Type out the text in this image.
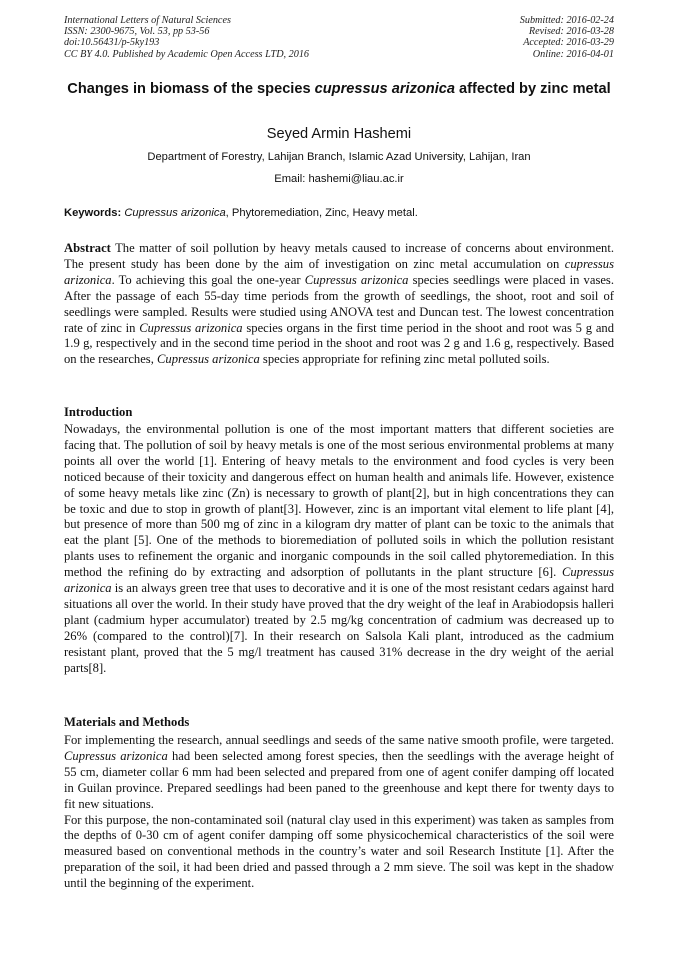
International Letters of Natural Sciences
ISSN: 2300-9675, Vol. 53, pp 53-56
doi:10.56431/p-5ky193
CC BY 4.0. Published by Academic Open Access LTD, 2016
Submitted: 2016-02-24
Revised: 2016-03-28
Accepted: 2016-03-29
Online: 2016-04-01
Changes in biomass of the species cupressus arizonica affected by zinc metal
Seyed Armin Hashemi
Department of Forestry, Lahijan Branch, Islamic Azad University, Lahijan, Iran
Email: hashemi@liau.ac.ir
Keywords: Cupressus arizonica, Phytoremediation, Zinc, Heavy metal.
Abstract The matter of soil pollution by heavy metals caused to increase of concerns about environment. The present study has been done by the aim of investigation on zinc metal accumulation on cupressus arizonica. To achieving this goal the one-year Cupressus arizonica species seedlings were placed in vases. After the passage of each 55-day time periods from the growth of seedlings, the shoot, root and soil of seedlings were sampled. Results were studied using ANOVA test and Duncan test. The lowest concentration rate of zinc in Cupressus arizonica species organs in the first time period in the shoot and root was 5 g and 1.9 g, respectively and in the second time period in the shoot and root was 2 g and 1.6 g, respectively. Based on the researches, Cupressus arizonica species appropriate for refining zinc metal polluted soils.
Introduction
Nowadays, the environmental pollution is one of the most important matters that different societies are facing that. The pollution of soil by heavy metals is one of the most serious environmental problems at many points all over the world [1]. Entering of heavy metals to the environment and food cycles is very been noticed because of their toxicity and dangerous effect on human health and animals life. However, existence of some heavy metals like zinc (Zn) is necessary to growth of plant[2], but in high concentrations they can be toxic and due to stop in growth of plant[3]. However, zinc is an important vital element to life plant [4], but presence of more than 500 mg of zinc in a kilogram dry matter of plant can be toxic to the animals that eat the plant [5]. One of the methods to bioremediation of polluted soils in which the pollution resistant plants uses to refinement the organic and inorganic compounds in the soil called phytoremediation. In this method the refining do by extracting and adsorption of pollutants in the plant structure [6]. Cupressus arizonica is an always green tree that uses to decorative and it is one of the most resistant cedars against hard situations all over the world. In their study have proved that the dry weight of the leaf in Arabiodopsis halleri plant (cadmium hyper accumulator) treated by 2.5 mg/kg concentration of cadmium was decreased up to 26% (compared to the control)[7]. In their research on Salsola Kali plant, introduced as the cadmium resistant plant, proved that the 5 mg/l treatment has caused 31% decrease in the dry weight of the aerial parts[8].
Materials and Methods
For implementing the research, annual seedlings and seeds of the same native smooth profile, were targeted. Cupressus arizonica had been selected among forest species, then the seedlings with the average height of 55 cm, diameter collar 6 mm had been selected and prepared from one of agent conifer damping off located in Guilan province. Prepared seedlings had been paned to the greenhouse and kept there for twenty days to fit new situations.
For this purpose, the non-contaminated soil (natural clay used in this experiment) was taken as samples from the depths of 0-30 cm of agent conifer damping off some physicochemical characteristics of the soil were measured based on conventional methods in the country’s water and soil Research Institute [1]. After the preparation of the soil, it had been dried and passed through a 2 mm sieve. The soil was kept in the shadow until the beginning of the experiment.
